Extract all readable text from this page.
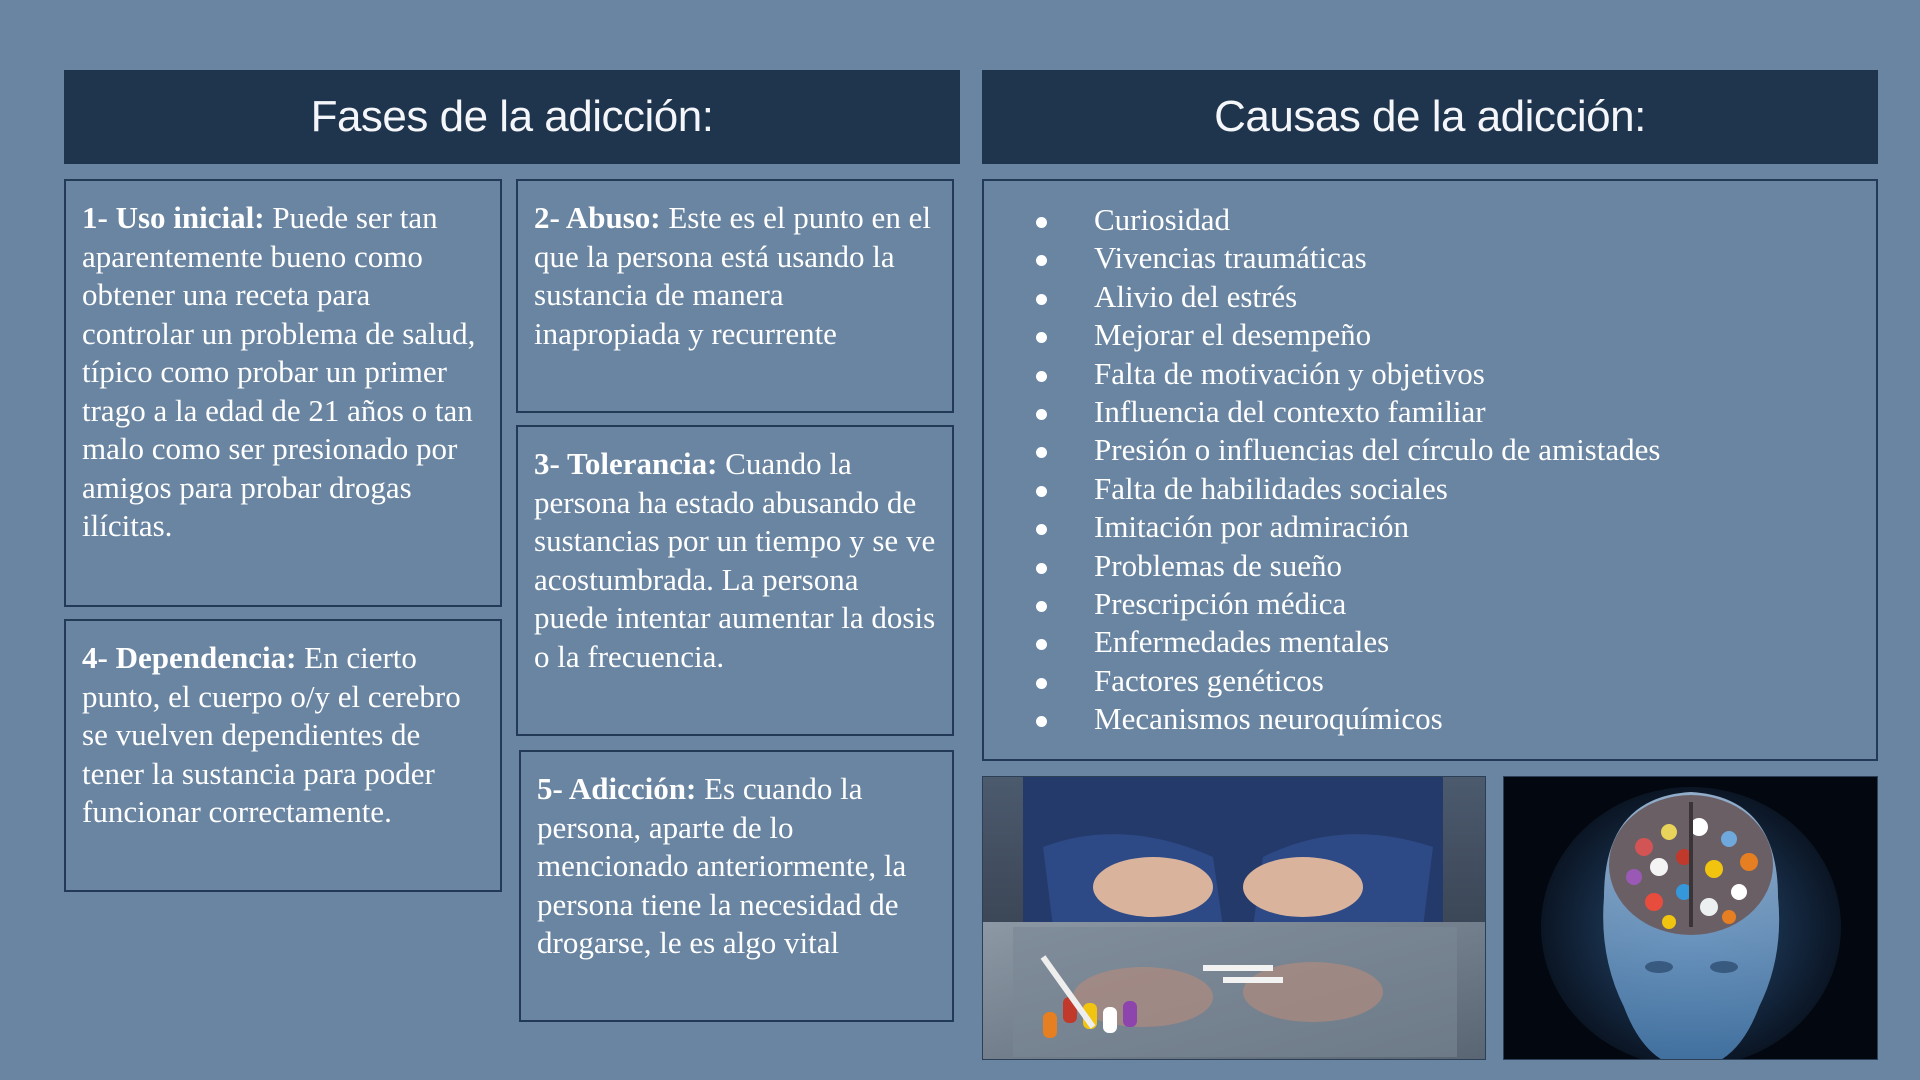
Fases de la adicción:	Causas de la adicción:
1- Uso inicial: Puede ser tan aparentemente bueno como obtener una receta para controlar un problema de salud, típico como probar un primer trago a la edad de 21 años o tan malo como ser presionado por amigos para probar drogas ilícitas.
2- Abuso: Este es el punto en el que la persona está usando la sustancia de manera inapropiada y recurrente
3- Tolerancia: Cuando la persona ha estado abusando de sustancias por un tiempo y se ve acostumbrada. La persona puede intentar aumentar la dosis o la frecuencia.
4- Dependencia: En cierto punto, el cuerpo o/y el cerebro se vuelven dependientes de tener la sustancia para poder funcionar correctamente.
5- Adicción: Es cuando la persona, aparte de lo mencionado anteriormente, la persona tiene la necesidad de drogarse, le es algo vital
Curiosidad
Vivencias traumáticas
Alivio del estrés
Mejorar el desempeño
Falta de motivación y objetivos
Influencia del contexto familiar
Presión o influencias del círculo de amistades
Falta de habilidades sociales
Imitación por admiración
Problemas de sueño
Prescripción médica
Enfermedades mentales
Factores genéticos
Mecanismos neuroquímicos
